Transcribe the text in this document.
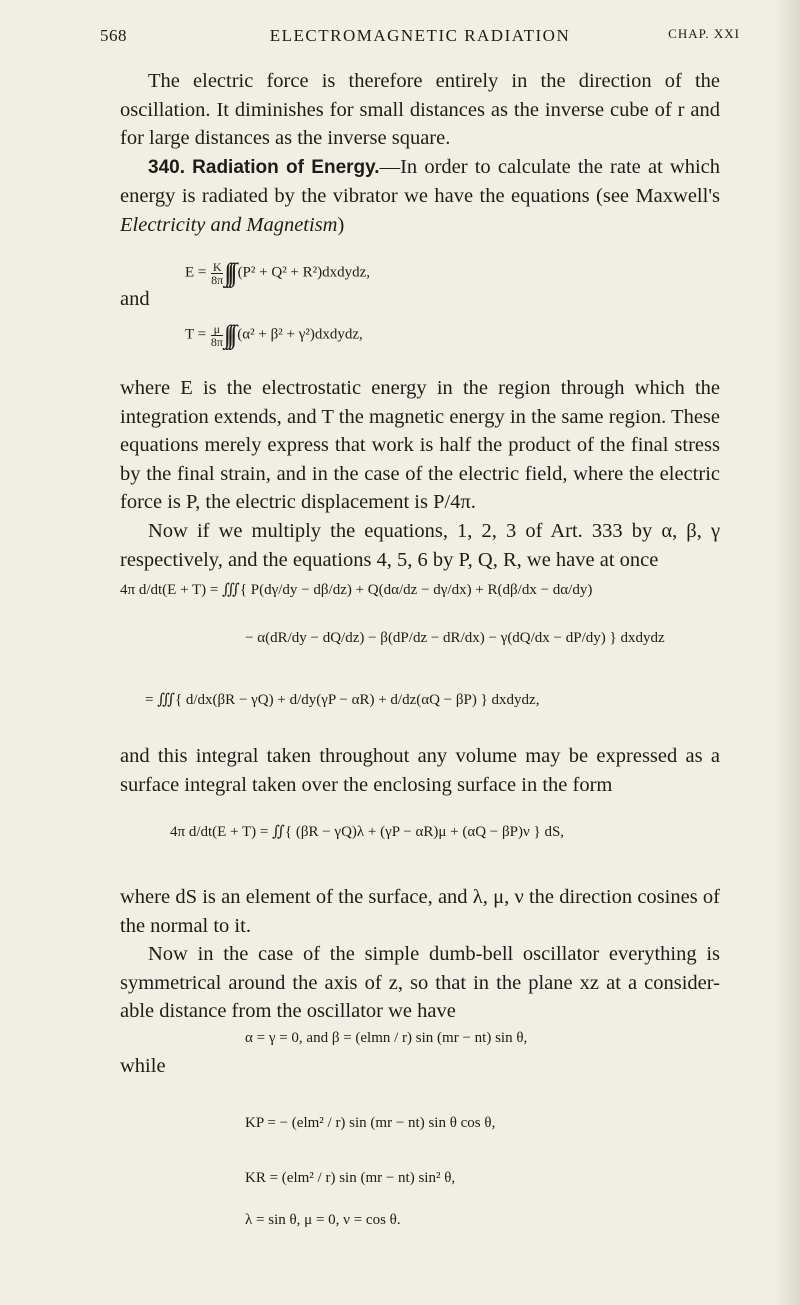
568	ELECTROMAGNETIC RADIATION	CHAP. XXI

The electric force is therefore entirely in the direction of the oscillation. It diminishes for small distances as the inverse cube of r and for large distances as the inverse square.

340. Radiation of Energy.—In order to calculate the rate at which energy is radiated by the vibrator we have the equations (see Maxwell's Electricity and Magnetism)

$E = \frac{K}{8\pi}$ ∫∫∫ (P² + Q² + R²)dxdydz,
and
$T = \frac{\mu}{8\pi}$ ∫∫∫ (α² + β² + γ²)dxdydz,

where E is the electrostatic energy in the region through which the integration extends, and T the magnetic energy in the same region. These equations merely express that work is half the product of the final stress by the final strain, and in the case of the electric field, where the electric force is P, the electric displacement is P/4π.

Now if we multiply the equations, 1, 2, 3 of Art. 333 by α, β, γ respectively, and the equations 4, 5, 6 by P, Q, R, we have at once

4π d/dt(E + T) = ∭{ P(dγ/dy − dβ/dz) + Q(dα/dz − dγ/dx) + R(dβ/dx − dα/dy)
− α(dR/dy − dQ/dz) − β(dP/dz − dR/dx) − γ(dQ/dx − dP/dy) } dxdydz
= ∭{ d/dx(βR − γQ) + d/dy(γP − αR) + d/dz(αQ − βP) } dxdydz,

and this integral taken throughout any volume may be expressed as a surface integral taken over the enclosing surface in the form

4π d/dt(E + T) = ∬{ (βR − γQ)λ + (γP − αR)μ + (αQ − βP)ν } dS,

where dS is an element of the surface, and λ, μ, ν the direction cosines of the normal to it.

Now in the case of the simple dumb-bell oscillator everything is symmetrical around the axis of z, so that in the plane xz at a consider-able distance from the oscillator we have

α = γ = 0, and β = (elmn / r) sin (mr − nt) sin θ,
while
KP = − (elm² / r) sin (mr − nt) sin θ cos θ,
KR = (elm² / r) sin (mr − nt) sin² θ,
λ = sin θ, μ = 0, ν = cos θ.
